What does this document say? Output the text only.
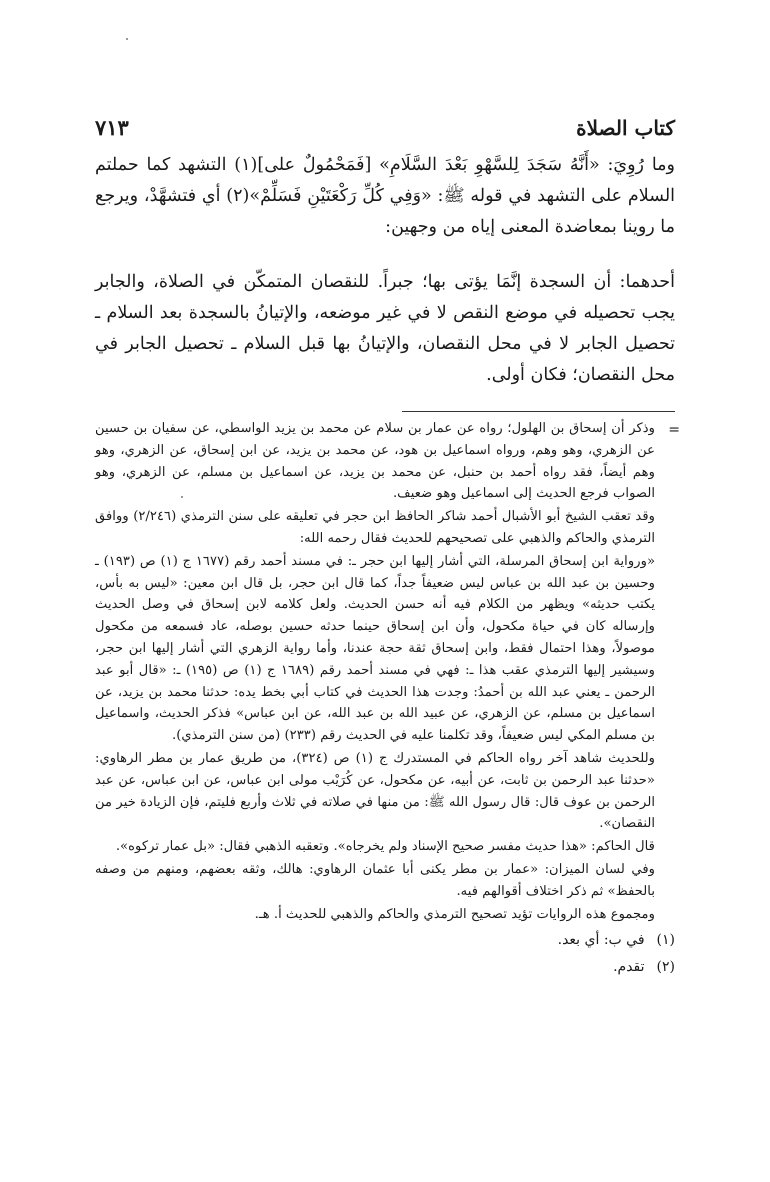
٧١٣	كتاب الصلاة

وما رُوِيَ: «أَنَّهُ سَجَدَ لِلسَّهْوِ بَعْدَ السَّلَامِ» [فَمَحْمُولٌ على](١) التشهد كما حملتم السلام على التشهد في قوله ﷺ: «وَفِي كُلِّ رَكْعَتَيْنِ فَسَلِّمْ»(٢) أي فتشهَّدْ، ويرجع ما روينا بمعاضدة المعنى إياه من وجهين:

أحدهما: أن السجدة إنَّمَا يؤتى بها؛ جبراً. للنقصان المتمكّن في الصلاة، والجابر يجب تحصيله في موضع النقص لا في غير موضعه، والإتيانُ بالسجدة بعد السلام ـ تحصيل الجابر لا في محل النقصان، والإتيانُ بها قبل السلام ـ تحصيل الجابر في محل النقصان؛ فكان أولى.

=
وذكر أن إسحاق بن الهلول؛ رواه عن عمار بن سلام عن محمد بن يزيد الواسطي، عن سفيان بن حسين عن الزهري، وهو وهم، ورواه اسماعيل بن هود، عن محمد بن يزيد، عن ابن إسحاق، عن الزهري، وهو وهم أيضاً، فقد رواه أحمد بن حنبل، عن محمد بن يزيد، عن اسماعيل بن مسلم، عن الزهري، وهو الصواب فرجع الحديث إلى اسماعيل وهو ضعيف.

وقد تعقب الشيخ أبو الأشبال أحمد شاكر الحافظ ابن حجر في تعليقه على سنن الترمذي (٢/٢٤٦) ووافق الترمذي والحاكم والذهبي على تصحيحهم للحديث فقال رحمه الله:

«ورواية ابن إسحاق المرسلة، التي أشار إليها ابن حجر ـ: في مسند أحمد رقم (١٦٧٧ ج (١) ص (١٩٣) ـ وحسين بن عبد الله بن عباس ليس ضعيفاً جداً، كما قال ابن حجر، بل قال ابن معين: «ليس به بأس، يكتب حديثه» ويظهر من الكلام فيه أنه حسن الحديث. ولعل كلامه لابن إسحاق في وصل الحديث وإرساله كان في حياة مكحول، وأن ابن إسحاق حينما حدثه حسين بوصله، عاد فسمعه من مكحول موصولاً، وهذا احتمال فقط، وابن إسحاق ثقة حجة عندنا، وأما رواية الزهري التي أشار إليها ابن حجر، وسيشير إليها الترمذي عقب هذا ـ: فهي في مسند أحمد رقم (١٦٨٩ ج (١) ص (١٩٥) ـ: «قال أبو عبد الرحمن ـ يعني عبد الله بن أحمدُ: وجدت هذا الحديث في كتاب أبي بخط يده: حدثنا محمد بن يزيد، عن اسماعيل بن مسلم، عن الزهري، عن عبيد الله بن عبد الله، عن ابن عباس» فذكر الحديث، واسماعيل بن مسلم المكي ليس ضعيفاً، وقد تكلمنا عليه في الحديث رقم (٢٣٣) (من سنن الترمذي).

وللحديث شاهد آخر رواه الحاكم في المستدرك ج (١) ص (٣٢٤)، من طريق عمار بن مطر الرهاوي: «حدثنا عبد الرحمن بن ثابت، عن أبيه، عن مكحول، عن كُرَيْب مولى ابن عباس، عن ابن عباس، عن عبد الرحمن بن عوف قال: قال رسول الله ﷺ: من منها في صلاته في ثلاث وأربع فليتم، فإن الزيادة خير من النقصان».

قال الحاكم: «هذا حديث مفسر صحيح الإسناد ولم يخرجاه». وتعقبه الذهبي فقال: «بل عمار تركوه».

وفي لسان الميزان: «عمار بن مطر يكنى أبا عثمان الرهاوي: هالك، وثقه بعضهم، ومنهم من وصفه بالحفظ» ثم ذكر اختلاف أقوالهم فيه.

ومجموع هذه الروايات تؤيد تصحيح الترمذي والحاكم والذهبي للحديث أ. هـ.

(١)
في ب: أي بعد.
(٢)
تقدم.
